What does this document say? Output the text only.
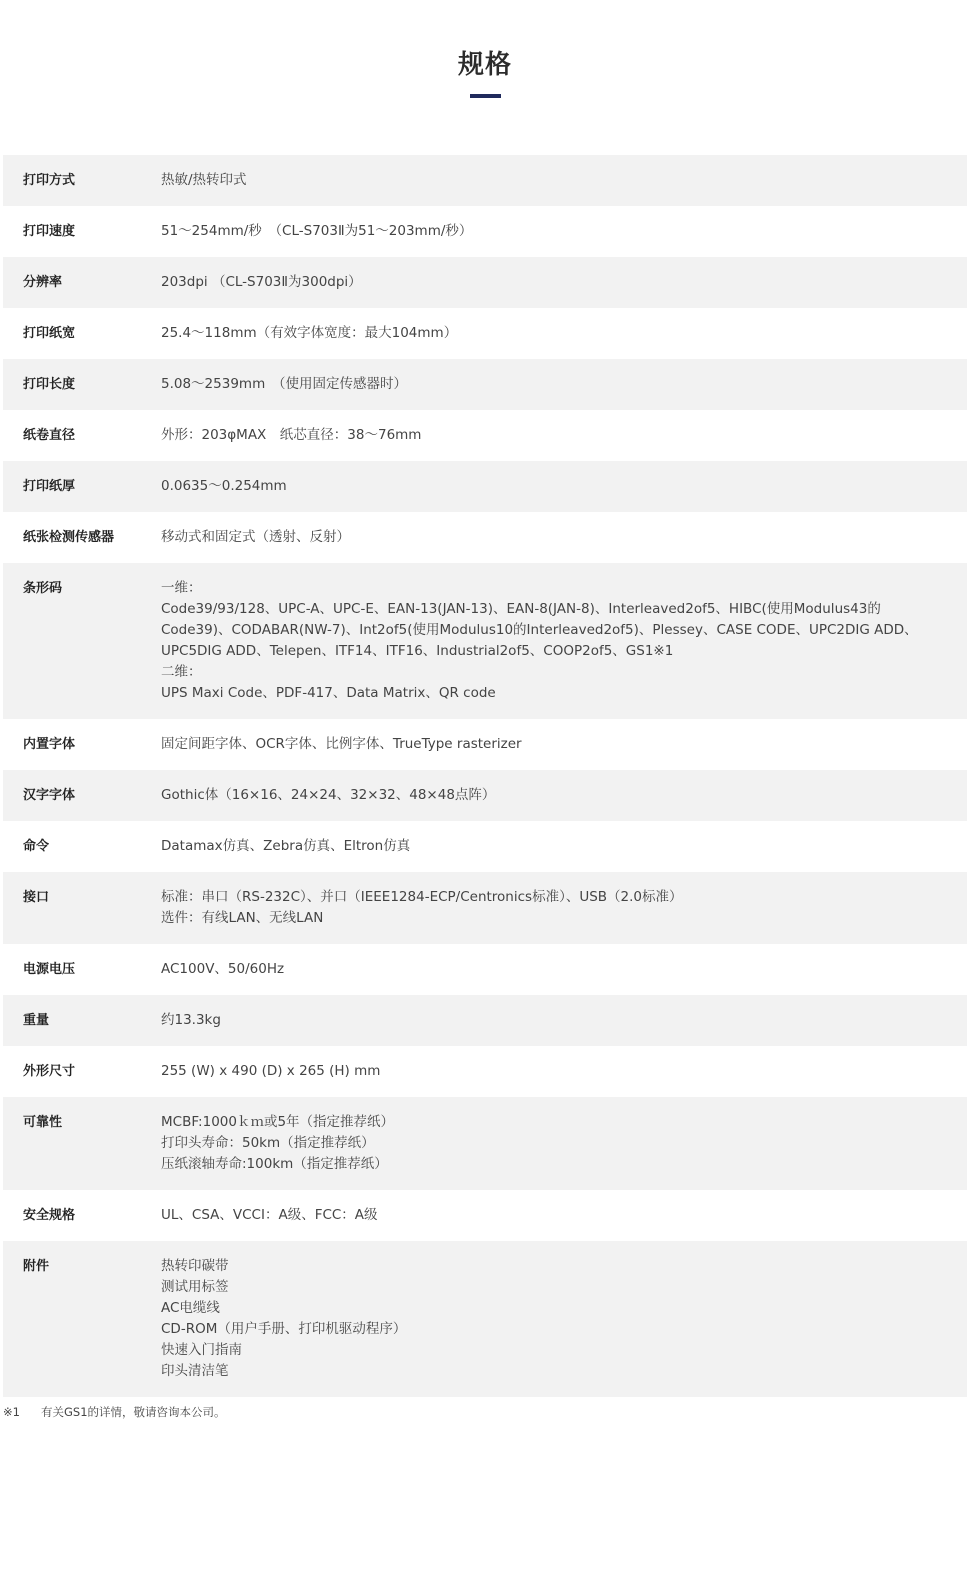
规格
打印方式	热敏/热转印式
打印速度	51～254mm/秒　（CL-S703Ⅱ为51～203mm/秒）
分辨率	203dpi （CL-S703Ⅱ为300dpi）
打印纸宽	25.4～118mm（有效字体宽度：最大104mm）
打印长度	5.08～2539mm　（使用固定传感器时）
纸卷直径	外形：203φMAX　纸芯直径：38～76mm
打印纸厚	0.0635～0.254mm
纸张检测传感器	移动式和固定式（透射、反射）
条形码	一维：
Code39/93/128、UPC-A、UPC-E、EAN-13(JAN-13)、EAN-8(JAN-8)、Interleaved2of5、HIBC(使用Modulus43的
Code39)、CODABAR(NW-7)、Int2of5(使用Modulus10的Interleaved2of5)、Plessey、CASE CODE、UPC2DIG ADD、
UPC5DIG ADD、Telepen、ITF14、ITF16、Industrial2of5、COOP2of5、GS1※1
二维：
UPS Maxi Code、PDF-417、Data Matrix、QR code
内置字体	固定间距字体、OCR字体、比例字体、TrueType rasterizer
汉字字体	Gothic体（16×16、24×24、32×32、48×48点阵）
命令	Datamax仿真、Zebra仿真、Eltron仿真
接口	标准：串口（RS-232C）、并口（IEEE1284-ECP/Centronics标准）、USB（2.0标准）
选件：有线LAN、无线LAN
电源电压	AC100V、50/60Hz
重量	约13.3kg
外形尺寸	255 (W) x 490 (D) x 265 (H) mm
可靠性	MCBF:1000ｋｍ或5年（指定推荐纸）
打印头寿命：50km（指定推荐纸）
压纸滚轴寿命:100km（指定推荐纸）
安全规格	UL、CSA、VCCI：A级、FCC：A级
附件	热转印碳带
测试用标签
AC电缆线
CD-ROM（用户手册、打印机驱动程序）
快速入门指南
印头清洁笔
※1 有关GS1的详情，敬请咨询本公司。
